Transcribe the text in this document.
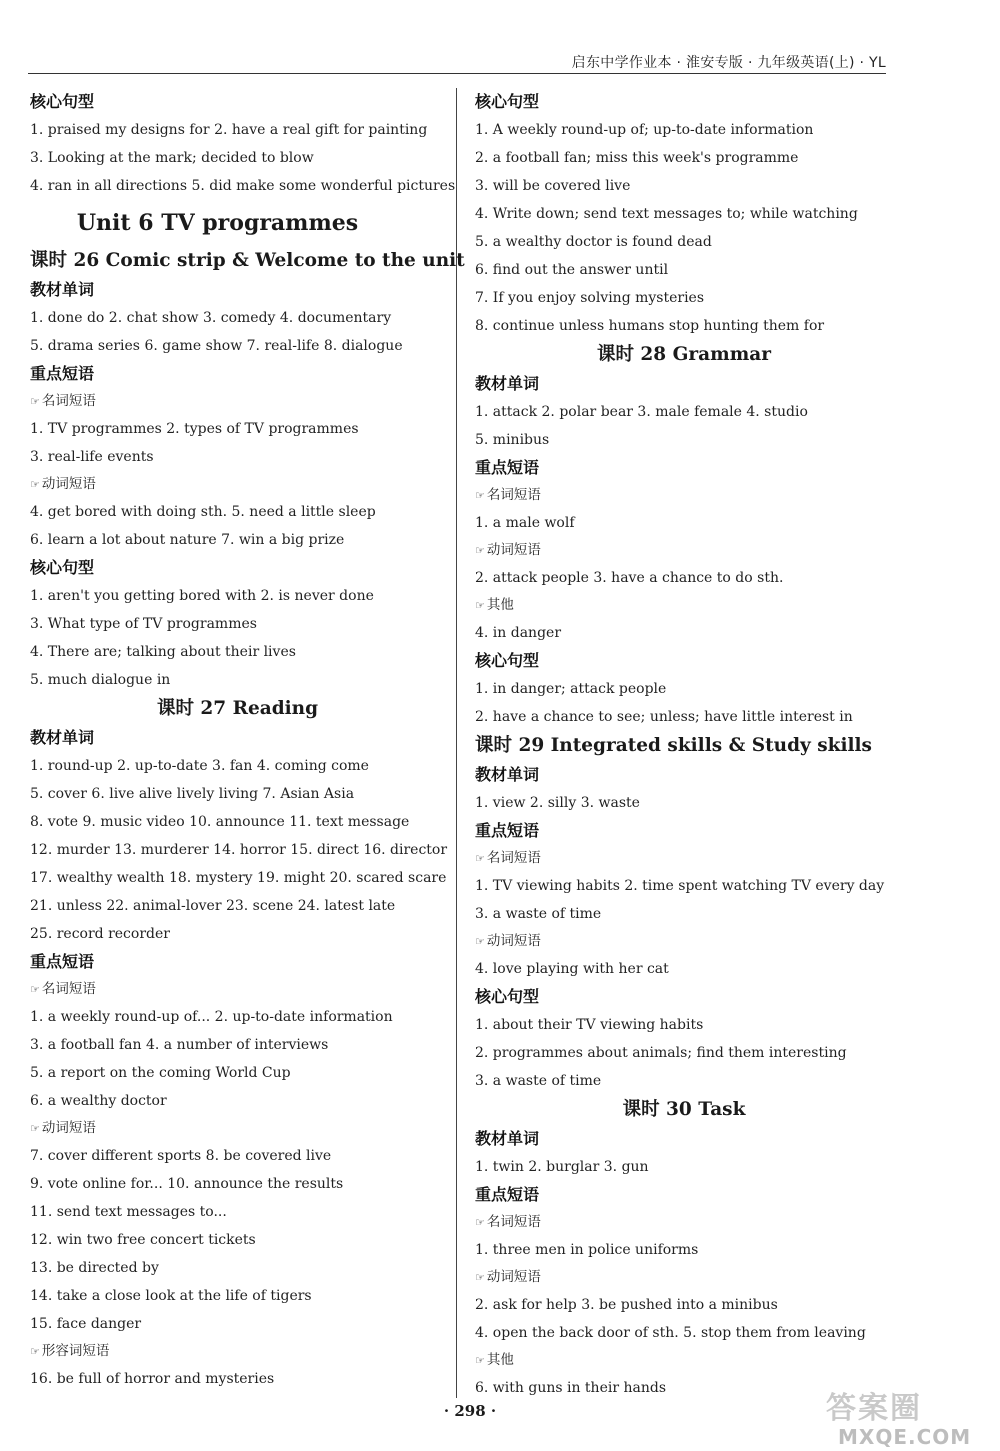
启东中学作业本 · 淮安专版 · 九年级英语(上) · YL
核心句型
1. praised my designs for 2. have a real gift for painting
3. Looking at the mark; decided to blow
4. ran in all directions 5. did make some wonderful pictures
Unit 6 TV programmes
课时 26 Comic strip & Welcome to the unit
教材单词
1. done do 2. chat show 3. comedy 4. documentary
5. drama series 6. game show 7. real-life 8. dialogue
重点短语
☞ 名词短语
1. TV programmes 2. types of TV programmes
3. real-life events
☞ 动词短语
4. get bored with doing sth. 5. need a little sleep
6. learn a lot about nature 7. win a big prize
核心句型
1. aren't you getting bored with 2. is never done
3. What type of TV programmes
4. There are; talking about their lives
5. much dialogue in
课时 27 Reading
教材单词
1. round-up 2. up-to-date 3. fan 4. coming come
5. cover 6. live alive lively living 7. Asian Asia
8. vote 9. music video 10. announce 11. text message
12. murder 13. murderer 14. horror 15. direct 16. director
17. wealthy wealth 18. mystery 19. might 20. scared scare
21. unless 22. animal-lover 23. scene 24. latest late
25. record recorder
重点短语
☞ 名词短语
1. a weekly round-up of... 2. up-to-date information
3. a football fan 4. a number of interviews
5. a report on the coming World Cup
6. a wealthy doctor
☞ 动词短语
7. cover different sports 8. be covered live
9. vote online for... 10. announce the results
11. send text messages to...
12. win two free concert tickets
13. be directed by
14. take a close look at the life of tigers
15. face danger
☞ 形容词短语
16. be full of horror and mysteries
核心句型
1. A weekly round-up of; up-to-date information
2. a football fan; miss this week's programme
3. will be covered live
4. Write down; send text messages to; while watching
5. a wealthy doctor is found dead
6. find out the answer until
7. If you enjoy solving mysteries
8. continue unless humans stop hunting them for
课时 28 Grammar
教材单词
1. attack 2. polar bear 3. male female 4. studio
5. minibus
重点短语
☞ 名词短语
1. a male wolf
☞ 动词短语
2. attack people 3. have a chance to do sth.
☞ 其他
4. in danger
核心句型
1. in danger; attack people
2. have a chance to see; unless; have little interest in
课时 29 Integrated skills & Study skills
教材单词
1. view 2. silly 3. waste
重点短语
☞ 名词短语
1. TV viewing habits 2. time spent watching TV every day
3. a waste of time
☞ 动词短语
4. love playing with her cat
核心句型
1. about their TV viewing habits
2. programmes about animals; find them interesting
3. a waste of time
课时 30 Task
教材单词
1. twin 2. burglar 3. gun
重点短语
☞ 名词短语
1. three men in police uniforms
☞ 动词短语
2. ask for help 3. be pushed into a minibus
4. open the back door of sth. 5. stop them from leaving
☞ 其他
6. with guns in their hands
· 298 ·	答案圈
MXQE.COM
